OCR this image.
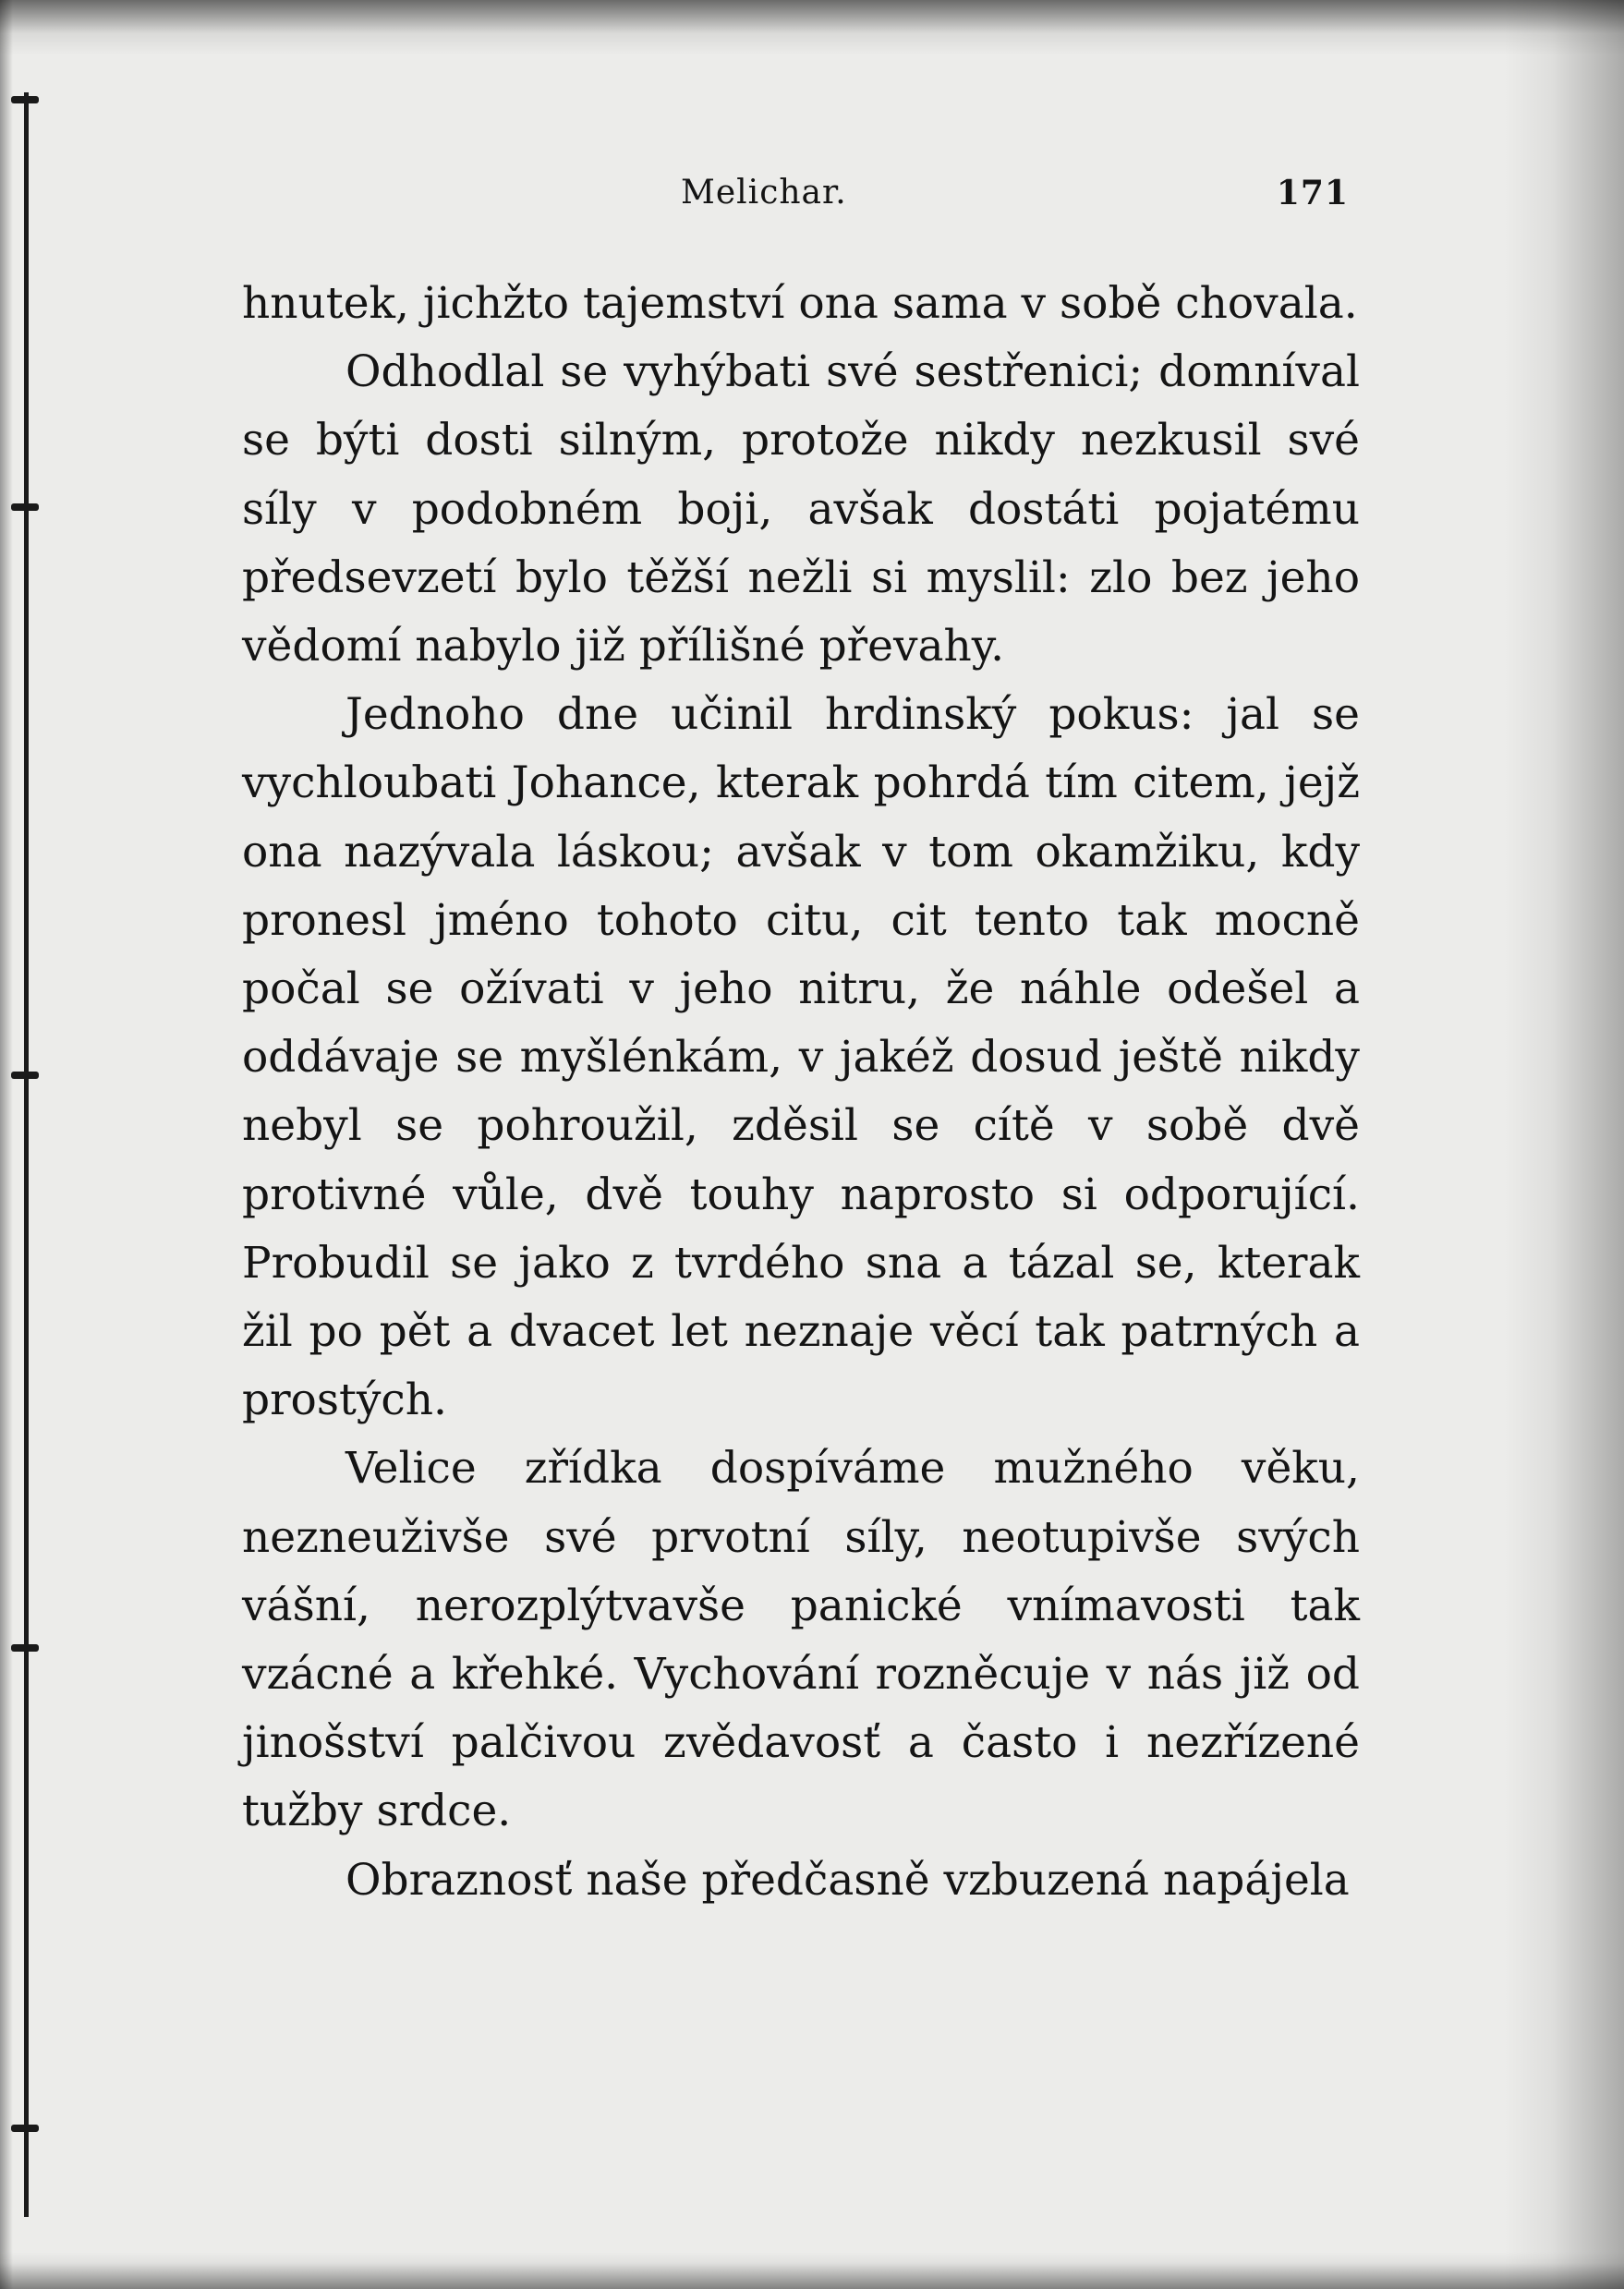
Melichar.	171

hnutek, jichžto tajemství ona sama v sobě chovala.

Odhodlal se vyhýbati své sestřenici; domníval se býti dosti silným, protože nikdy nezkusil své síly v podobném boji, avšak dostáti pojatému předsevzetí bylo těžší nežli si myslil: zlo bez jeho vědomí nabylo již přílišné převahy.

Jednoho dne učinil hrdinský pokus: jal se vychloubati Johance, kterak pohrdá tím citem, jejž ona nazývala láskou; avšak v tom okamžiku, kdy pronesl jméno tohoto citu, cit tento tak mocně počal se ožívati v jeho nitru, že náhle odešel a oddávaje se myšlénkám, v jakéž dosud ještě nikdy nebyl se pohroužil, zděsil se cítě v sobě dvě protivné vůle, dvě touhy naprosto si odporující. Probudil se jako z tvrdého sna a tázal se, kterak žil po pět a dvacet let neznaje věcí tak patrných a prostých.

Velice zřídka dospíváme mužného věku, nezneuživše své prvotní síly, neotupivše svých vášní, nerozplýtvavše panické vnímavosti tak vzácné a křehké. Vychování rozněcuje v nás již od jinošství palčivou zvědavosť a často i nezřízené tužby srdce.

Obraznosť naše předčasně vzbuzená napájela
